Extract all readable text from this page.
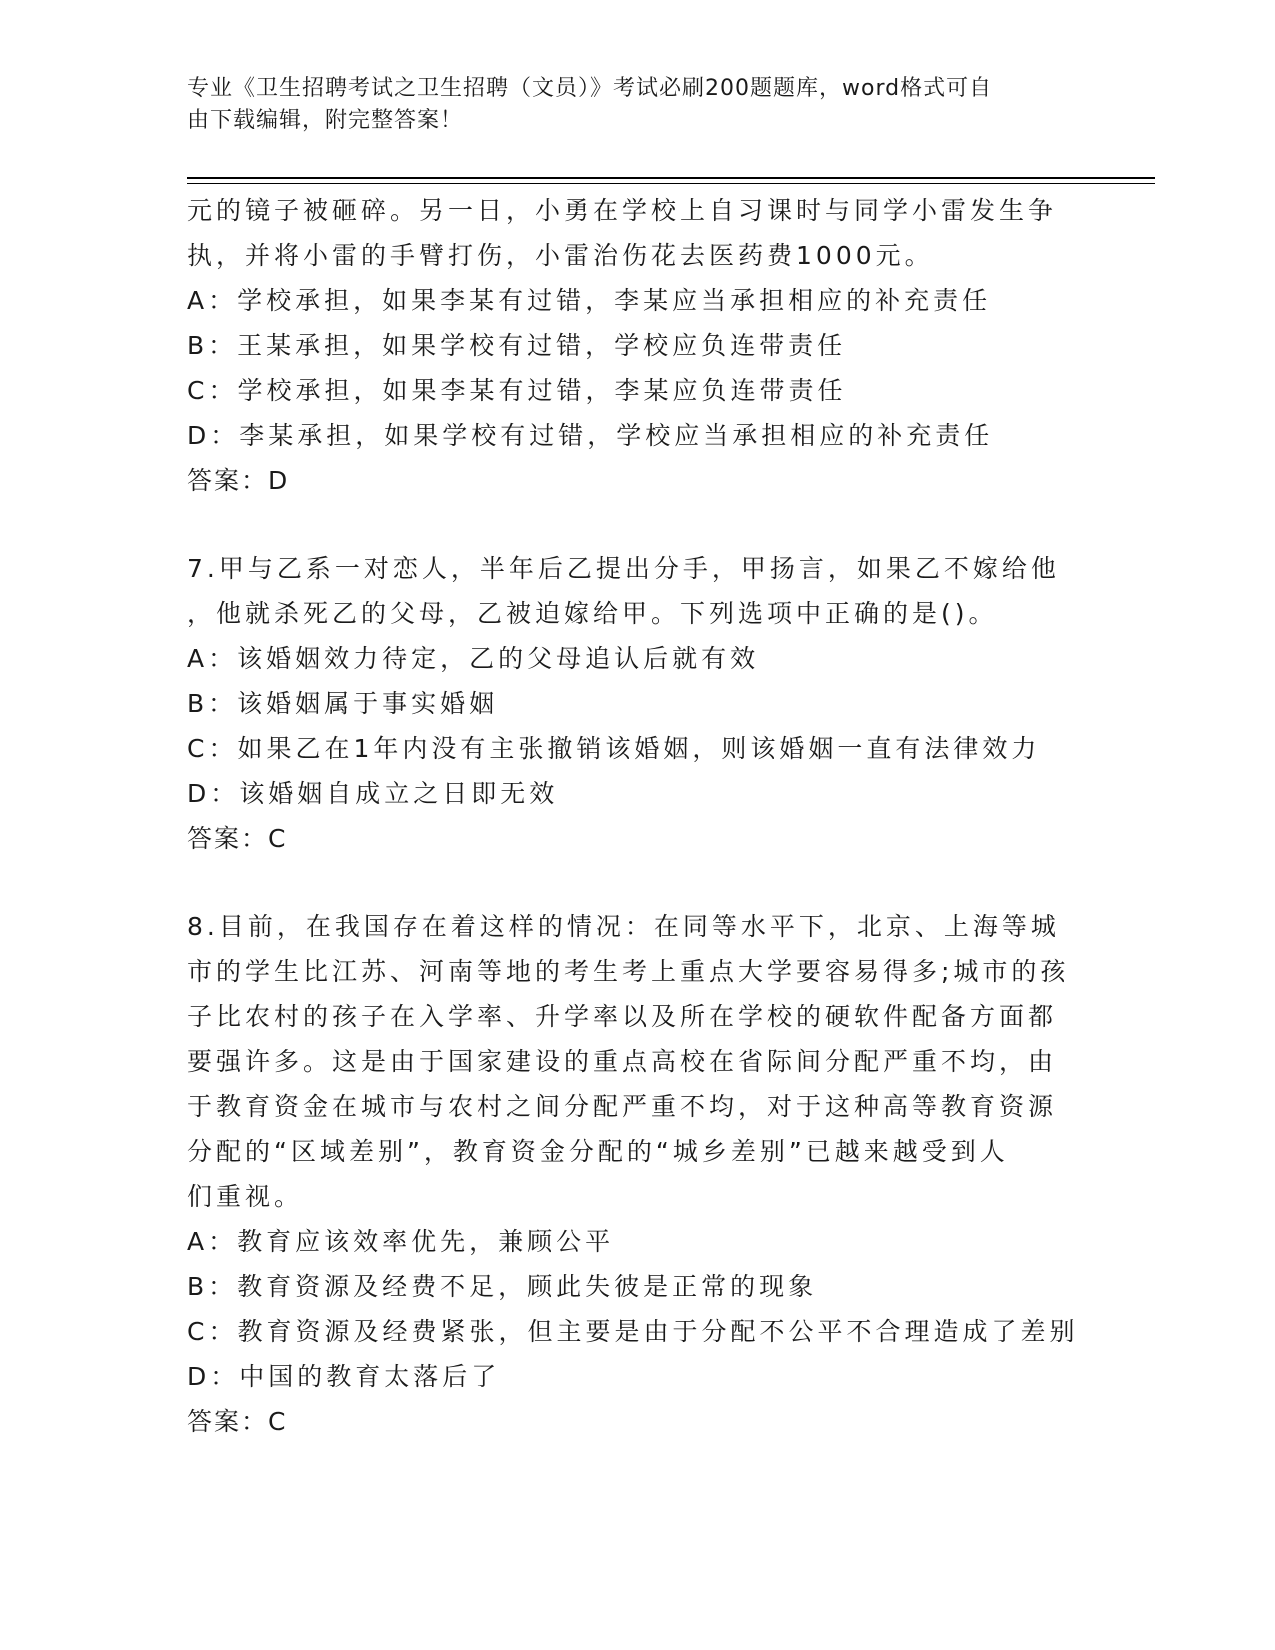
专业《卫生招聘考试之卫生招聘（文员）》考试必刷200题题库，word格式可自
由下载编辑，附完整答案！
元的镜子被砸碎。另一日，小勇在学校上自习课时与同学小雷发生争
执，并将小雷的手臂打伤，小雷治伤花去医药费1000元。
A：学校承担，如果李某有过错，李某应当承担相应的补充责任
B：王某承担，如果学校有过错，学校应负连带责任
C：学校承担，如果李某有过错，李某应负连带责任
D：李某承担，如果学校有过错，学校应当承担相应的补充责任
答案：D
7.甲与乙系一对恋人，半年后乙提出分手，甲扬言，如果乙不嫁给他
，他就杀死乙的父母，乙被迫嫁给甲。下列选项中正确的是()。
A：该婚姻效力待定，乙的父母追认后就有效
B：该婚姻属于事实婚姻
C：如果乙在1年内没有主张撤销该婚姻，则该婚姻一直有法律效力
D：该婚姻自成立之日即无效
答案：C
8.目前，在我国存在着这样的情况：在同等水平下，北京、上海等城
市的学生比江苏、河南等地的考生考上重点大学要容易得多;城市的孩
子比农村的孩子在入学率、升学率以及所在学校的硬软件配备方面都
要强许多。这是由于国家建设的重点高校在省际间分配严重不均，由
于教育资金在城市与农村之间分配严重不均，对于这种高等教育资源
分配的“区域差别”，教育资金分配的“城乡差别”已越来越受到人
们重视。
A：教育应该效率优先，兼顾公平
B：教育资源及经费不足，顾此失彼是正常的现象
C：教育资源及经费紧张，但主要是由于分配不公平不合理造成了差别
D：中国的教育太落后了
答案：C
